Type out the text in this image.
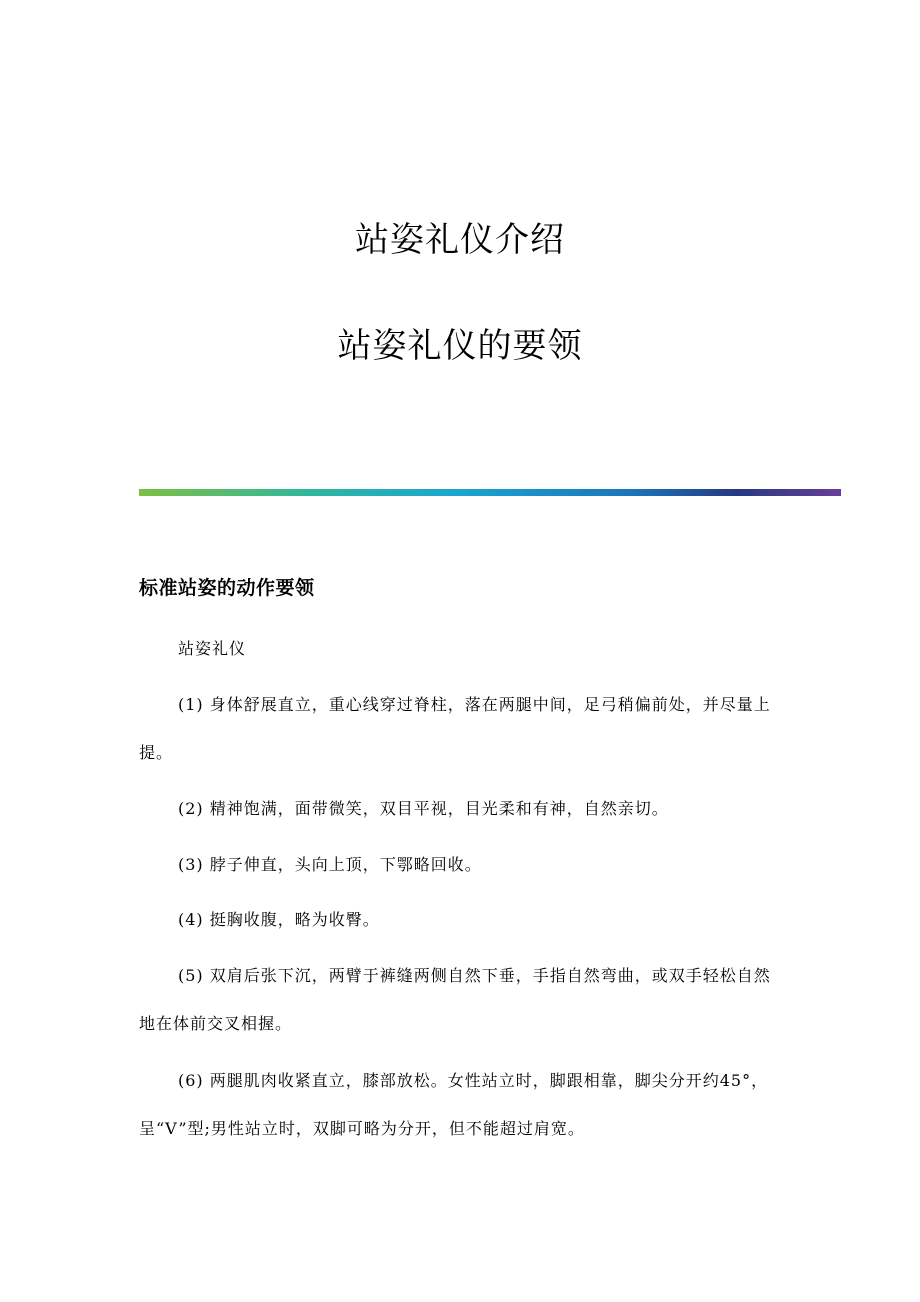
站姿礼仪介绍
站姿礼仪的要领
标准站姿的动作要领

站姿礼仪

(1) 身体舒展直立，重心线穿过脊柱，落在两腿中间，足弓稍偏前处，并尽量上提。

(2) 精神饱满，面带微笑，双目平视，目光柔和有神，自然亲切。

(3) 脖子伸直，头向上顶，下鄂略回收。

(4) 挺胸收腹，略为收臀。

(5) 双肩后张下沉，两臂于裤缝两侧自然下垂，手指自然弯曲，或双手轻松自然地在体前交叉相握。

(6) 两腿肌肉收紧直立，膝部放松。女性站立时，脚跟相靠，脚尖分开约45°，呈“V”型;男性站立时，双脚可略为分开，但不能超过肩宽。
